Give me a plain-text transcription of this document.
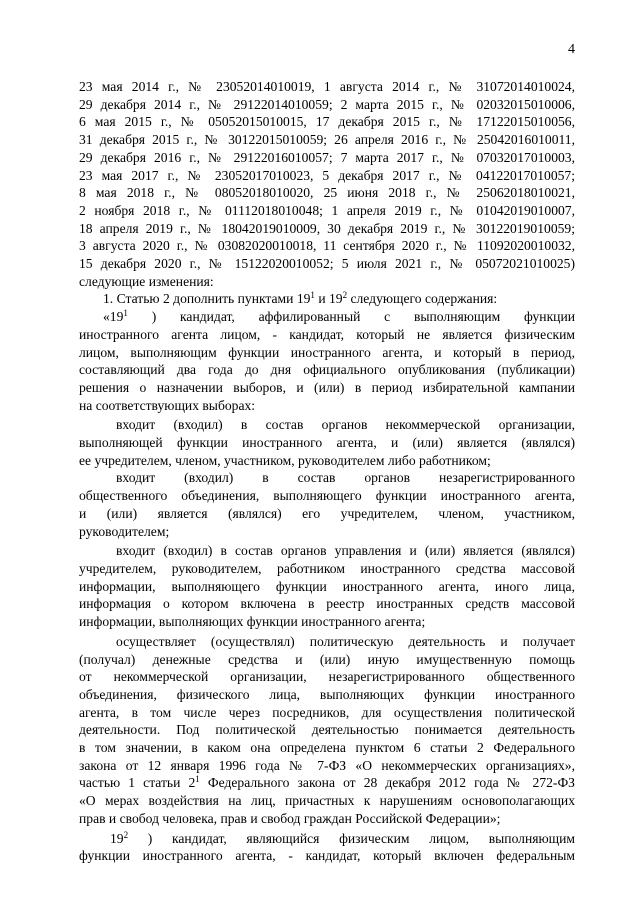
4
23 мая 2014 г., № 23052014010019, 1 августа 2014 г., № 31072014010024,
29 декабря 2014 г., № 29122014010059; 2 марта 2015 г., № 02032015010006,
6 мая 2015 г., № 05052015010015, 17 декабря 2015 г., № 17122015010056,
31 декабря 2015 г., № 30122015010059; 26 апреля 2016 г., № 25042016010011,
29 декабря 2016 г., № 29122016010057; 7 марта 2017 г., № 07032017010003,
23 мая 2017 г., № 23052017010023, 5 декабря 2017 г., № 04122017010057;
8 мая 2018 г., № 08052018010020, 25 июня 2018 г., № 25062018010021,
2 ноября 2018 г., № 01112018010048; 1 апреля 2019 г., № 01042019010007,
18 апреля 2019 г., № 18042019010009, 30 декабря 2019 г., № 30122019010059;
3 августа 2020 г., № 03082020010018, 11 сентября 2020 г., № 11092020010032,
15 декабря 2020 г., № 15122020010052; 5 июля 2021 г., № 05072021010025)
следующие изменения:
1. Статью 2 дополнить пунктами $19^1$ и $19^2$ следующего содержания:
«$19^1$ ) кандидат, аффилированный с выполняющим функции
иностранного агента лицом, - кандидат, который не является физическим
лицом, выполняющим функции иностранного агента, и который в период,
составляющий два года до дня официального опубликования (публикации)
решения о назначении выборов, и (или) в период избирательной кампании
на соответствующих выборах:
входит (входил) в состав органов некоммерческой организации,
выполняющей функции иностранного агента, и (или) является (являлся)
ее учредителем, членом, участником, руководителем либо работником;
входит (входил) в состав органов незарегистрированного
общественного объединения, выполняющего функции иностранного агента,
и (или) является (являлся) его учредителем, членом, участником,
руководителем;
входит (входил) в состав органов управления и (или) является (являлся)
учредителем, руководителем, работником иностранного средства массовой
информации, выполняющего функции иностранного агента, иного лица,
информация о котором включена в реестр иностранных средств массовой
информации, выполняющих функции иностранного агента;
осуществляет (осуществлял) политическую деятельность и получает
(получал) денежные средства и (или) иную имущественную помощь
от некоммерческой организации, незарегистрированного общественного
объединения, физического лица, выполняющих функции иностранного
агента, в том числе через посредников, для осуществления политической
деятельности. Под политической деятельностью понимается деятельность
в том значении, в каком она определена пунктом 6 статьи 2 Федерального
закона от 12 января 1996 года № 7-ФЗ «О некоммерческих организациях»,
частью 1 статьи $2^1$ Федерального закона от 28 декабря 2012 года № 272-ФЗ
«О мерах воздействия на лиц, причастных к нарушениям основополагающих
прав и свобод человека, прав и свобод граждан Российской Федерации»;
$19^2$ ) кандидат, являющийся физическим лицом, выполняющим
функции иностранного агента, - кандидат, который включен федеральным
